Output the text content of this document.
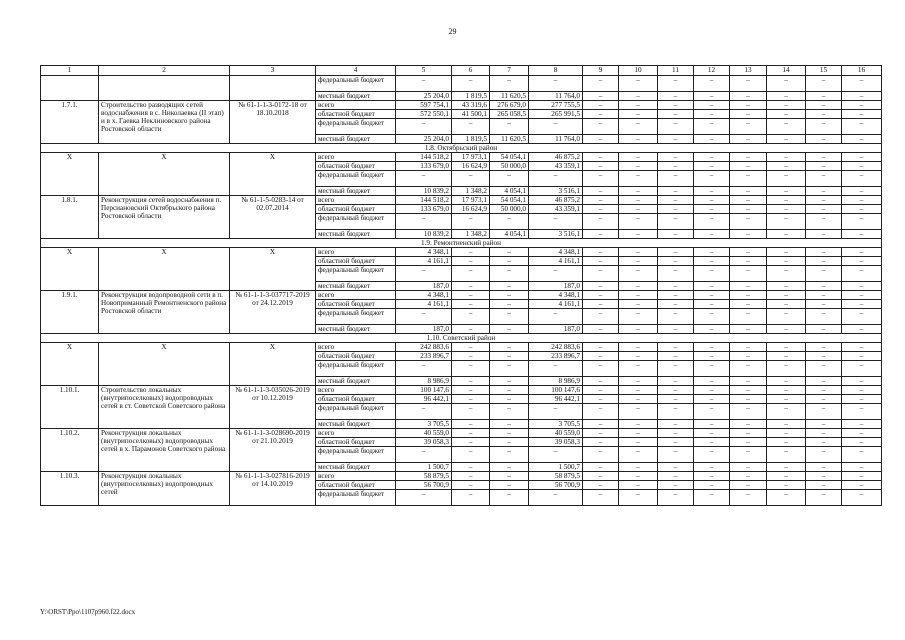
29
1	2	3	4	5	6	7	8	9	10	11	12	13	14	15	16
			федеральный бюджет	–	–	–	–	–	–	–	–	–	–	–	–
			местный бюджет	25 204,0	1 819,5	11 620,5	11 764,0	–	–	–	–	–	–	–	–
1.7.1.	Строительство разводящих сетей водоснабжения в с. Николаевка (II этап) и в х. Гаевка Неклиновского района Ростовской области	№ 61-1-1-3-0172-18 от 18.10.2018	всего	597 754,1	43 319,6	276 679,0	277 755,5	–	–	–	–	–	–	–	–
			областной бюджет	572 550,1	41 500,1	265 058,5	265 991,5	–	–	–	–	–	–	–	–
			федеральный бюджет	–	–	–	–	–	–	–	–	–	–	–	–
			местный бюджет	25 204,0	1 819,5	11 620,5	11 764,0	–	–	–	–	–	–	–	–
1.8. Октябрьский район															
Х	Х	Х	всего	144 518,2	17 973,1	54 054,1	46 875,2	–	–	–	–	–	–	–	–
			областной бюджет	133 679,0	16 624,9	50 000,0	43 359,1	–	–	–	–	–	–	–	–
			федеральный бюджет	–	–	–	–	–	–	–	–	–	–	–	–
			местный бюджет	10 839,2	1 348,2	4 054,1	3 516,1	–	–	–	–	–	–	–	–
1.8.1.	Реконструкция сетей водоснабжения п. Персиановский Октябрьского района Ростовской области	№ 61-1-5-0283-14 от 02.07.2014	всего	144 518,2	17 973,1	54 054,1	46 875,2	–	–	–	–	–	–	–	–
			областной бюджет	133 679,0	16 624,9	50 000,0	43 359,1	–	–	–	–	–	–	–	–
			федеральный бюджет	–	–	–	–	–	–	–	–	–	–	–	–
			местный бюджет	10 839,2	1 348,2	4 054,1	3 516,1	–	–	–	–	–	–	–	–
1.9. Ремонтненский район															
Х	Х	Х	всего	4 348,1	–	–	4 348,1	–	–	–	–	–	–	–	–
			областной бюджет	4 161,1	–	–	4 161,1	–	–	–	–	–	–	–	–
			федеральный бюджет	–	–	–	–	–	–	–	–	–	–	–	–
			местный бюджет	187,0	–	–	187,0	–	–	–	–	–	–	–	–
1.9.1.	Реконструкция водопроводной сети в п. Новоприманный Ремонтненского района Ростовской области	№ 61-1-1-3-037717-2019 от 24.12.2019	всего	4 348,1	–	–	4 348,1	–	–	–	–	–	–	–	–
			областной бюджет	4 161,1	–	–	4 161,1	–	–	–	–	–	–	–	–
			федеральный бюджет	–	–	–	–	–	–	–	–	–	–	–	–
			местный бюджет	187,0	–	–	187,0	–	–	–	–	–	–	–	–
1.10. Советский район															
Х	Х	Х	всего	242 883,6	–	–	242 883,6	–	–	–	–	–	–	–	–
			областной бюджет	233 896,7	–	–	233 896,7	–	–	–	–	–	–	–	–
			федеральный бюджет	–	–	–	–	–	–	–	–	–	–	–	–
			местный бюджет	8 986,9	–	–	8 986,9	–	–	–	–	–	–	–	–
1.10.1.	Строительство локальных (внутрипоселковых) водопроводных сетей в ст. Советской Советского района	№ 61-1-1-3-035026-2019 от 10.12.2019	всего	100 147,6	–	–	100 147,6	–	–	–	–	–	–	–	–
			областной бюджет	96 442,1	–	–	96 442,1	–	–	–	–	–	–	–	–
			федеральный бюджет	–	–	–	–	–	–	–	–	–	–	–	–
			местный бюджет	3 705,5	–	–	3 705,5	–	–	–	–	–	–	–	–
1.10.2.	Реконструкция локальных (внутрипоселковых) водопроводных сетей в х. Парамонов Советского района	№ 61-1-1-3-028690-2019 от 21.10.2019	всего	40 559,0	–	–	40 559,0	–	–	–	–	–	–	–	–
			областной бюджет	39 058,3	–	–	39 058,3	–	–	–	–	–	–	–	–
			федеральный бюджет	–	–	–	–	–	–	–	–	–	–	–	–
			местный бюджет	1 500,7	–	–	1 500,7	–	–	–	–	–	–	–	–
1.10.3.	Реконструкция локальных (внутрипоселковых) водопроводных сетей	№ 61-1-1-3-027816-2019 от 14.10.2019	всего	58 879,5	–	–	58 879,5	–	–	–	–	–	–	–	–
			областной бюджет	56 700,9	–	–	56 700,9	–	–	–	–	–	–	–	–
			федеральный бюджет	–	–	–	–	–	–	–	–	–	–	–	–
Y:\ORST\Ppo\1107p960.f22.docx
